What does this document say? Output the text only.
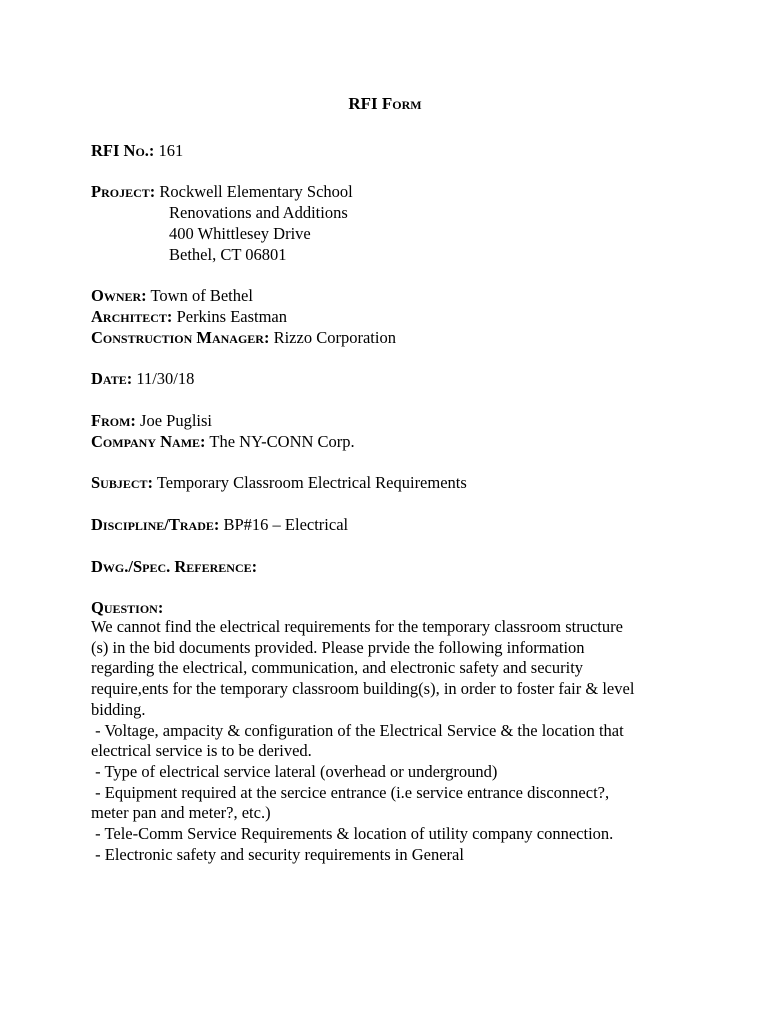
RFI Form
RFI No.: 161
Project: Rockwell Elementary School
Renovations and Additions
400 Whittlesey Drive
Bethel, CT 06801
Owner: Town of Bethel
Architect: Perkins Eastman
Construction Manager: Rizzo Corporation
Date: 11/30/18
From: Joe Puglisi
Company Name: The NY-CONN Corp.
Subject: Temporary Classroom Electrical Requirements
Discipline/Trade: BP#16 – Electrical
Dwg./Spec. Reference:
Question:

We cannot find the electrical requirements for the temporary classroom structure

(s) in the bid documents provided. Please prvide the following information

regarding the electrical, communication, and electronic safety and security

require,ents for the temporary classroom building(s), in order to foster fair & level

bidding.

- Voltage, ampacity & configuration of the Electrical Service & the location that

electrical service is to be derived.

- Type of electrical service lateral (overhead or underground)

- Equipment required at the sercice entrance (i.e service entrance disconnect?,

meter pan and meter?, etc.)

- Tele-Comm Service Requirements & location of utility company connection.

- Electronic safety and security requirements in General
